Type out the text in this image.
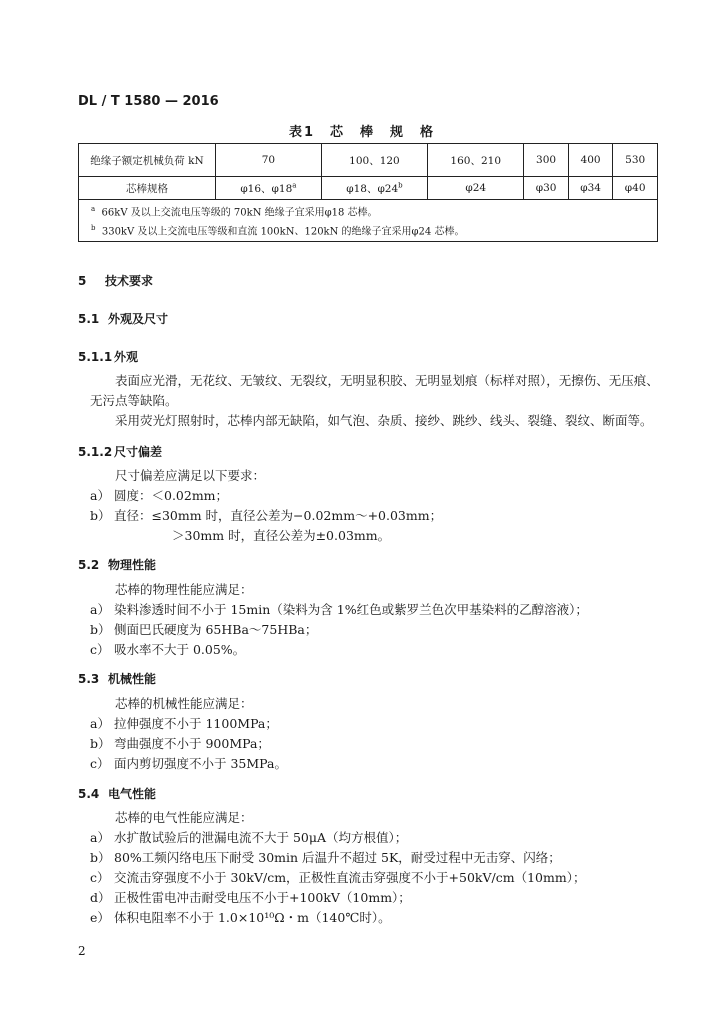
DL / T 1580 — 2016
表1　芯　棒　规　格
绝缘子额定机械负荷 kN	70	100、120	160、210	300	400	530
芯棒规格	φ16、φ18$^a$	φ18、φ24$^b$	φ24	φ30	φ34	φ40

$^a$ 66kV 及以上交流电压等级的 70kN 绝缘子宜采用φ18 芯棒。
$^b$ 330kV 及以上交流电压等级和直流 100kN、120kN 的绝缘子宜采用φ24 芯棒。						
5 技术要求
5.1 外观及尺寸
5.1.1 外观
表面应光滑，无花纹、无皱纹、无裂纹，无明显积胶、无明显划痕（标样对照），无擦伤、无压痕、无污点等缺陷。
采用荧光灯照射时，芯棒内部无缺陷，如气泡、杂质、接纱、跳纱、线头、裂缝、裂纹、断面等。
5.1.2 尺寸偏差
尺寸偏差应满足以下要求：
a） 圆度：＜0.02mm；
b） 直径：≤30mm 时，直径公差为−0.02mm～+0.03mm；
＞30mm 时，直径公差为±0.03mm。
5.2 物理性能
芯棒的物理性能应满足：
a） 染料渗透时间不小于 15min（染料为含 1%红色或紫罗兰色次甲基染料的乙醇溶液）；
b） 侧面巴氏硬度为 65HBa～75HBa；
c） 吸水率不大于 0.05%。
5.3 机械性能
芯棒的机械性能应满足：
a） 拉伸强度不小于 1100MPa；
b） 弯曲强度不小于 900MPa；
c） 面内剪切强度不小于 35MPa。
5.4 电气性能
芯棒的电气性能应满足：
a） 水扩散试验后的泄漏电流不大于 50μA（均方根值）；
b） 80%工频闪络电压下耐受 30min 后温升不超过 5K，耐受过程中无击穿、闪络；
c） 交流击穿强度不小于 30kV/cm，正极性直流击穿强度不小于+50kV/cm（10mm）；
d） 正极性雷电冲击耐受电压不小于+100kV（10mm）；
e） 体积电阻率不小于 1.0×10¹⁰Ω・m（140℃时）。
2
